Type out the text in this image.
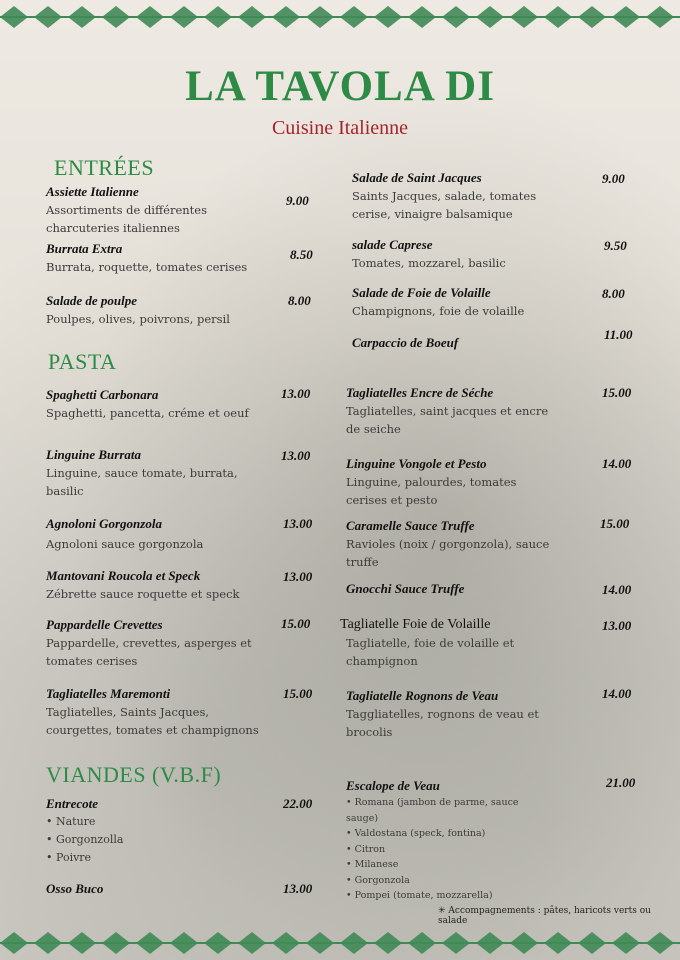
LA TAVOLA DI
Cuisine Italienne
ENTRÉES
PASTA
VIANDES (V.B.F)
Assiette Italienne
Assortiments de différentes
charcuteries italiennes
9.00
Burrata Extra
Burrata, roquette, tomates cerises
8.50
Salade de poulpe
Poulpes, olives, poivrons, persil
8.00
Salade de Saint Jacques
Saints Jacques, salade, tomates
cerise, vinaigre balsamique
9.00
salade Caprese
Tomates, mozzarel, basilic
9.50
Salade de Foie de Volaille
Champignons, foie de volaille
8.00
Carpaccio de Boeuf
11.00
Spaghetti Carbonara
Spaghetti, pancetta, créme et oeuf
13.00
Linguine Burrata
Linguine, sauce tomate, burrata,
basilic
13.00
Agnoloni Gorgonzola
Agnoloni sauce gorgonzola
13.00
Mantovani Roucola et Speck
Zébrette sauce roquette et speck
13.00
Pappardelle Crevettes
Pappardelle, crevettes, asperges et
tomates cerises
15.00
Tagliatelles Maremonti
Tagliatelles, Saints Jacques,
courgettes, tomates et champignons
15.00
Tagliatelles Encre de Séche
Tagliatelles, saint jacques et encre
de seiche
15.00
Linguine Vongole et Pesto
Linguine, palourdes, tomates
cerises et pesto
14.00
Caramelle Sauce Truffe
Ravioles (noix / gorgonzola), sauce
truffe
15.00
Gnocchi Sauce Truffe	14.00
Tagliatelle Foie de Volaille
Tagliatelle, foie de volaille et
champignon
13.00
Tagliatelle Rognons de Veau
Taggliatelles, rognons de veau et
brocolis
14.00
Entrecote
• Nature
• Gorgonzolla
• Poivre
22.00
Osso Buco	13.00
Escalope de Veau
• Romana (jambon de parme, sauce
sauge)
• Valdostana (speck, fontina)
• Citron
• Milanese
• Gorgonzola
• Pompei (tomate, mozzarella)
21.00
✳ Accompagnements : pâtes, haricots verts ou salade
